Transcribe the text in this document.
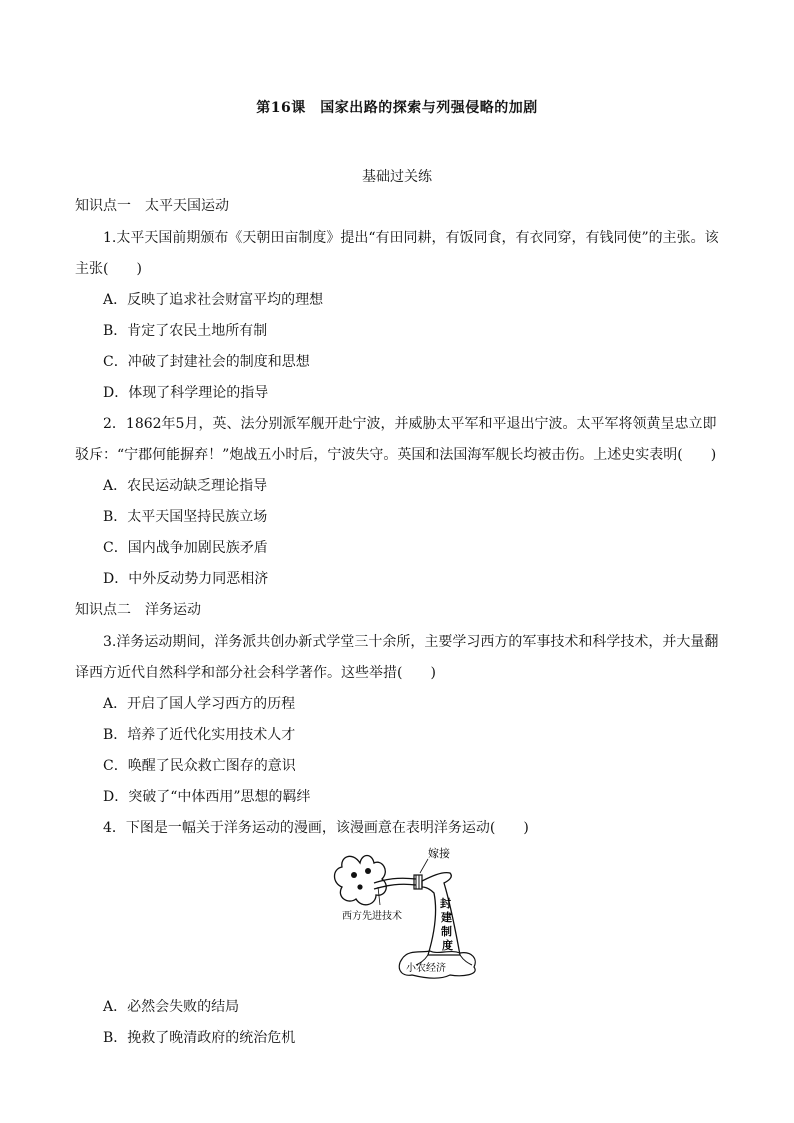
第16课　国家出路的探索与列强侵略的加剧
基础过关练
知识点一　太平天国运动
1.太平天国前期颁布《天朝田亩制度》提出“有田同耕，有饭同食，有衣同穿，有钱同使”的主张。该
主张(　　)
A．反映了追求社会财富平均的理想
B．肯定了农民土地所有制
C．冲破了封建社会的制度和思想
D．体现了科学理论的指导
2．1862年5月，英、法分别派军舰开赴宁波，并威胁太平军和平退出宁波。太平军将领黄呈忠立即
驳斥：“宁郡何能摒弃！”炮战五小时后，宁波失守。英国和法国海军舰长均被击伤。上述史实表明(　　)
A．农民运动缺乏理论指导
B．太平天国坚持民族立场
C．国内战争加剧民族矛盾
D．中外反动势力同恶相济
知识点二　洋务运动
3.洋务运动期间，洋务派共创办新式学堂三十余所，主要学习西方的军事技术和科学技术，并大量翻
译西方近代自然科学和部分社会科学著作。这些举措(　　)
A．开启了国人学习西方的历程
B．培养了近代化实用技术人才
C．唤醒了民众救亡图存的意识
D．突破了“中体西用”思想的羁绊
4．下图是一幅关于洋务运动的漫画，该漫画意在表明洋务运动(　　)
嫁接
西方先进技术
封
建
制
度
小农经济
A．必然会失败的结局
B．挽救了晚清政府的统治危机
